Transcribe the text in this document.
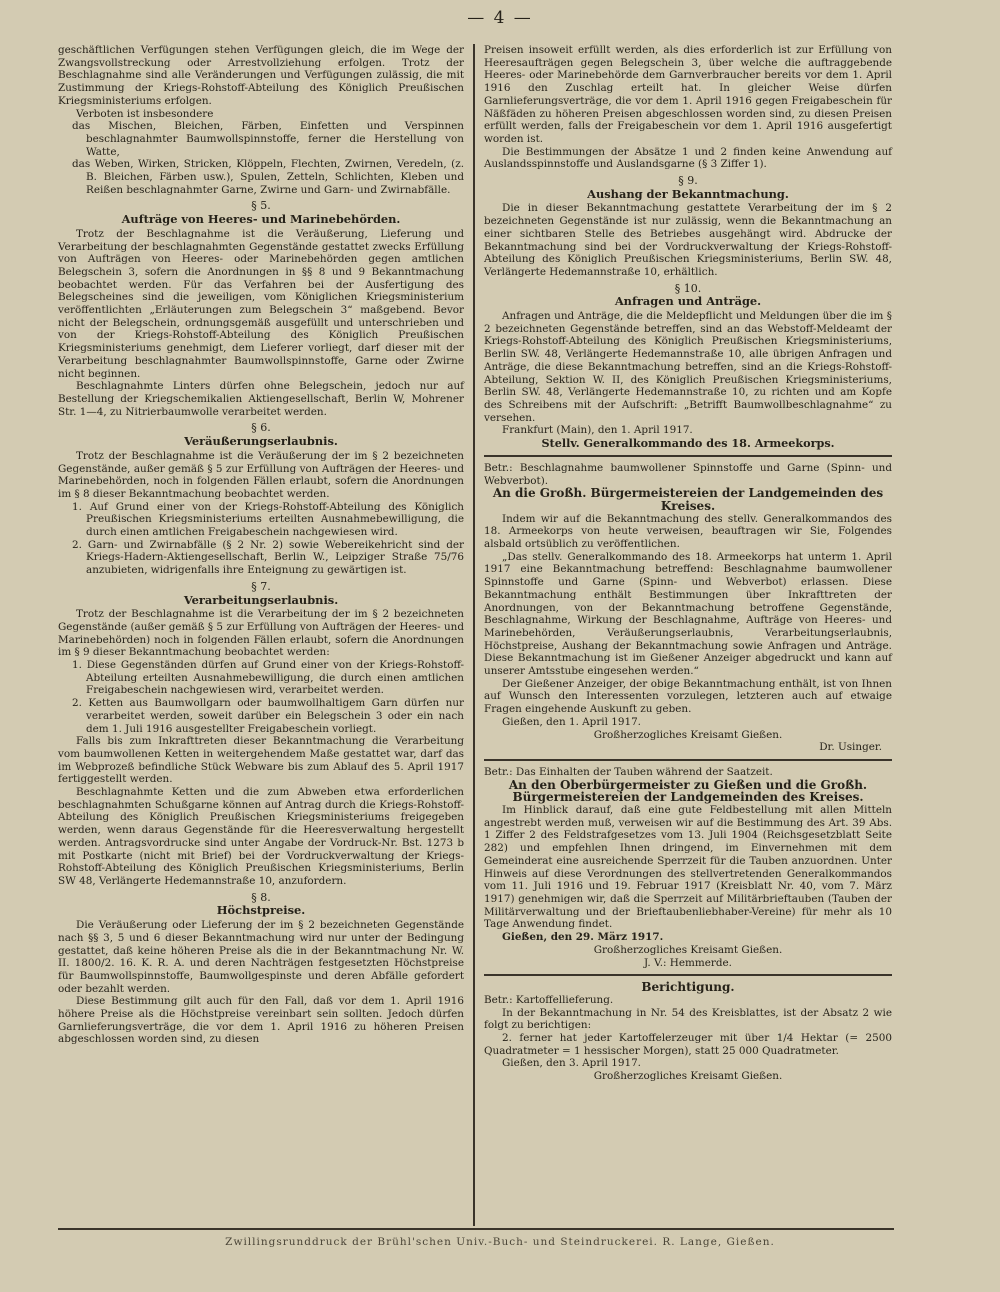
— 4 —

geschäftlichen Verfügungen stehen Verfügungen gleich, die im Wege der Zwangsvollstreckung oder Arrestvollziehung erfolgen. Trotz der Beschlagnahme sind alle Veränderungen und Verfügungen zulässig, die mit Zustimmung der Kriegs-Rohstoff-Abteilung des Königlich Preußischen Kriegsministeriums erfolgen.

Verboten ist insbesondere

das Mischen, Bleichen, Färben, Einfetten und Verspinnen beschlagnahmter Baumwollspinnstoffe, ferner die Herstellung von Watte,

das Weben, Wirken, Stricken, Klöppeln, Flechten, Zwirnen, Veredeln, (z. B. Bleichen, Färben usw.), Spulen, Zetteln, Schlichten, Kleben und Reißen beschlagnahmter Garne, Zwirne und Garn- und Zwirnabfälle.

§ 5.

Aufträge von Heeres- und Marinebehörden.

Trotz der Beschlagnahme ist die Veräußerung, Lieferung und Verarbeitung der beschlagnahmten Gegenstände gestattet zwecks Erfüllung von Aufträgen von Heeres- oder Marinebehörden gegen amtlichen Belegschein 3, sofern die Anordnungen in §§ 8 und 9 Bekanntmachung beobachtet werden. Für das Verfahren bei der Ausfertigung des Belegscheines sind die jeweiligen, vom Königlichen Kriegsministerium veröffentlichten „Erläuterungen zum Belegschein 3“ maßgebend. Bevor nicht der Belegschein, ordnungsgemäß ausgefüllt und unterschrieben und von der Kriegs-Rohstoff-Abteilung des Königlich Preußischen Kriegsministeriums genehmigt, dem Lieferer vorliegt, darf dieser mit der Verarbeitung beschlagnahmter Baumwollspinnstoffe, Garne oder Zwirne nicht beginnen.

Beschlagnahmte Linters dürfen ohne Belegschein, jedoch nur auf Bestellung der Kriegschemikalien Aktiengesellschaft, Berlin W, Mohrener Str. 1—4, zu Nitrierbaumwolle verarbeitet werden.

§ 6.

Veräußerungserlaubnis.

Trotz der Beschlagnahme ist die Veräußerung der im § 2 bezeichneten Gegenstände, außer gemäß § 5 zur Erfüllung von Aufträgen der Heeres- und Marinebehörden, noch in folgenden Fällen erlaubt, sofern die Anordnungen im § 8 dieser Bekanntmachung beobachtet werden.

1. Auf Grund einer von der Kriegs-Rohstoff-Abteilung des Königlich Preußischen Kriegsministeriums erteilten Ausnahmebewilligung, die durch einen amtlichen Freigabeschein nachgewiesen wird.

2. Garn- und Zwirnabfälle (§ 2 Nr. 2) sowie Webereikehricht sind der Kriegs-Hadern-Aktiengesellschaft, Berlin W., Leipziger Straße 75/76 anzubieten, widrigenfalls ihre Enteignung zu gewärtigen ist.

§ 7.

Verarbeitungserlaubnis.

Trotz der Beschlagnahme ist die Verarbeitung der im § 2 bezeichneten Gegenstände (außer gemäß § 5 zur Erfüllung von Aufträgen der Heeres- und Marinebehörden) noch in folgenden Fällen erlaubt, sofern die Anordnungen im § 9 dieser Bekanntmachung beobachtet werden:

1. Diese Gegenständen dürfen auf Grund einer von der Kriegs-Rohstoff-Abteilung erteilten Ausnahmebewilligung, die durch einen amtlichen Freigabeschein nachgewiesen wird, verarbeitet werden.

2. Ketten aus Baumwollgarn oder baumwollhaltigem Garn dürfen nur verarbeitet werden, soweit darüber ein Belegschein 3 oder ein nach dem 1. Juli 1916 ausgestellter Freigabeschein vorliegt.

Falls bis zum Inkrafttreten dieser Bekanntmachung die Verarbeitung vom baumwollenen Ketten in weitergehendem Maße gestattet war, darf das im Webprozeß befindliche Stück Webware bis zum Ablauf des 5. April 1917 fertiggestellt werden.

Beschlagnahmte Ketten und die zum Abweben etwa erforderlichen beschlagnahmten Schußgarne können auf Antrag durch die Kriegs-Rohstoff-Abteilung des Königlich Preußischen Kriegsministeriums freigegeben werden, wenn daraus Gegenstände für die Heeresverwaltung hergestellt werden. Antragsvordrucke sind unter Angabe der Vordruck-Nr. Bst. 1273 b mit Postkarte (nicht mit Brief) bei der Vordruckverwaltung der Kriegs-Rohstoff-Abteilung des Königlich Preußischen Kriegsministeriums, Berlin SW 48, Verlängerte Hedemannstraße 10, anzufordern.

§ 8.

Höchstpreise.

Die Veräußerung oder Lieferung der im § 2 bezeichneten Gegenstände nach §§ 3, 5 und 6 dieser Bekanntmachung wird nur unter der Bedingung gestattet, daß keine höheren Preise als die in der Bekanntmachung Nr. W. II. 1800/2. 16. K. R. A. und deren Nachträgen festgesetzten Höchstpreise für Baumwollspinnstoffe, Baumwollgespinste und deren Abfälle gefordert oder bezahlt werden.

Diese Bestimmung gilt auch für den Fall, daß vor dem 1. April 1916 höhere Preise als die Höchstpreise vereinbart sein sollten. Jedoch dürfen Garnlieferungsverträge, die vor dem 1. April 1916 zu höheren Preisen abgeschlossen worden sind, zu diesen

Preisen insoweit erfüllt werden, als dies erforderlich ist zur Erfüllung von Heeresaufträgen gegen Belegschein 3, über welche die auftraggebende Heeres- oder Marinebehörde dem Garnverbraucher bereits vor dem 1. April 1916 den Zuschlag erteilt hat. In gleicher Weise dürfen Garnlieferungsverträge, die vor dem 1. April 1916 gegen Freigabeschein für Näßfäden zu höheren Preisen abgeschlossen worden sind, zu diesen Preisen erfüllt werden, falls der Freigabeschein vor dem 1. April 1916 ausgefertigt worden ist.

Die Bestimmungen der Absätze 1 und 2 finden keine Anwendung auf Auslandsspinnstoffe und Auslandsgarne (§ 3 Ziffer 1).

§ 9.

Aushang der Bekanntmachung.

Die in dieser Bekanntmachung gestattete Verarbeitung der im § 2 bezeichneten Gegenstände ist nur zulässig, wenn die Bekanntmachung an einer sichtbaren Stelle des Betriebes ausgehängt wird. Abdrucke der Bekanntmachung sind bei der Vordruckverwaltung der Kriegs-Rohstoff-Abteilung des Königlich Preußischen Kriegsministeriums, Berlin SW. 48, Verlängerte Hedemannstraße 10, erhältlich.

§ 10.

Anfragen und Anträge.

Anfragen und Anträge, die die Meldepflicht und Meldungen über die im § 2 bezeichneten Gegenstände betreffen, sind an das Webstoff-Meldeamt der Kriegs-Rohstoff-Abteilung des Königlich Preußischen Kriegsministeriums, Berlin SW. 48, Verlängerte Hedemannstraße 10, alle übrigen Anfragen und Anträge, die diese Bekanntmachung betreffen, sind an die Kriegs-Rohstoff-Abteilung, Sektion W. II, des Königlich Preußischen Kriegsministeriums, Berlin SW. 48, Verlängerte Hedemannstraße 10, zu richten und am Kopfe des Schreibens mit der Aufschrift: „Betrifft Baumwollbeschlagnahme“ zu versehen.

Frankfurt (Main), den 1. April 1917.

Stellv. Generalkommando des 18. Armeekorps.

Betr.: Beschlagnahme baumwollener Spinnstoffe und Garne (Spinn- und Webverbot).

An die Großh. Bürgermeistereien der Landgemeinden des Kreises.

Indem wir auf die Bekanntmachung des stellv. Generalkommandos des 18. Armeekorps von heute verweisen, beauftragen wir Sie, Folgendes alsbald ortsüblich zu veröffentlichen.

„Das stellv. Generalkommando des 18. Armeekorps hat unterm 1. April 1917 eine Bekanntmachung betreffend: Beschlagnahme baumwollener Spinnstoffe und Garne (Spinn- und Webverbot) erlassen. Diese Bekanntmachung enthält Bestimmungen über Inkrafttreten der Anordnungen, von der Bekanntmachung betroffene Gegenstände, Beschlagnahme, Wirkung der Beschlagnahme, Aufträge von Heeres- und Marinebehörden, Veräußerungserlaubnis, Verarbeitungserlaubnis, Höchstpreise, Aushang der Bekanntmachung sowie Anfragen und Anträge. Diese Bekanntmachung ist im Gießener Anzeiger abgedruckt und kann auf unserer Amtsstube eingesehen werden.“

Der Gießener Anzeiger, der obige Bekanntmachung enthält, ist von Ihnen auf Wunsch den Interessenten vorzulegen, letzteren auch auf etwaige Fragen eingehende Auskunft zu geben.

Gießen, den 1. April 1917.

Großherzogliches Kreisamt Gießen.

Dr. Usinger.

Betr.: Das Einhalten der Tauben während der Saatzeit.

An den Oberbürgermeister zu Gießen und die Großh. Bürgermeistereien der Landgemeinden des Kreises.

Im Hinblick darauf, daß eine gute Feldbestellung mit allen Mitteln angestrebt werden muß, verweisen wir auf die Bestimmung des Art. 39 Abs. 1 Ziffer 2 des Feldstrafgesetzes vom 13. Juli 1904 (Reichsgesetzblatt Seite 282) und empfehlen Ihnen dringend, im Einvernehmen mit dem Gemeinderat eine ausreichende Sperrzeit für die Tauben anzuordnen. Unter Hinweis auf diese Verordnungen des stellvertretenden Generalkommandos vom 11. Juli 1916 und 19. Februar 1917 (Kreisblatt Nr. 40, vom 7. März 1917) genehmigen wir, daß die Sperrzeit auf Militärbrieftauben (Tauben der Militärverwaltung und der Brieftaubenliebhaber-Vereine) für mehr als 10 Tage Anwendung findet.

Gießen, den 29. März 1917.

Großherzogliches Kreisamt Gießen.

J. V.: Hemmerde.

Berichtigung.

Betr.: Kartoffellieferung.

In der Bekanntmachung in Nr. 54 des Kreisblattes, ist der Absatz 2 wie folgt zu berichtigen:

2. ferner hat jeder Kartoffelerzeuger mit über 1/4 Hektar (= 2500 Quadratmeter = 1 hessischer Morgen), statt 25 000 Quadratmeter.

Gießen, den 3. April 1917.

Großherzogliches Kreisamt Gießen.

Zwillingsrunddruck der Brühl'schen Univ.-Buch- und Steindruckerei. R. Lange, Gießen.
